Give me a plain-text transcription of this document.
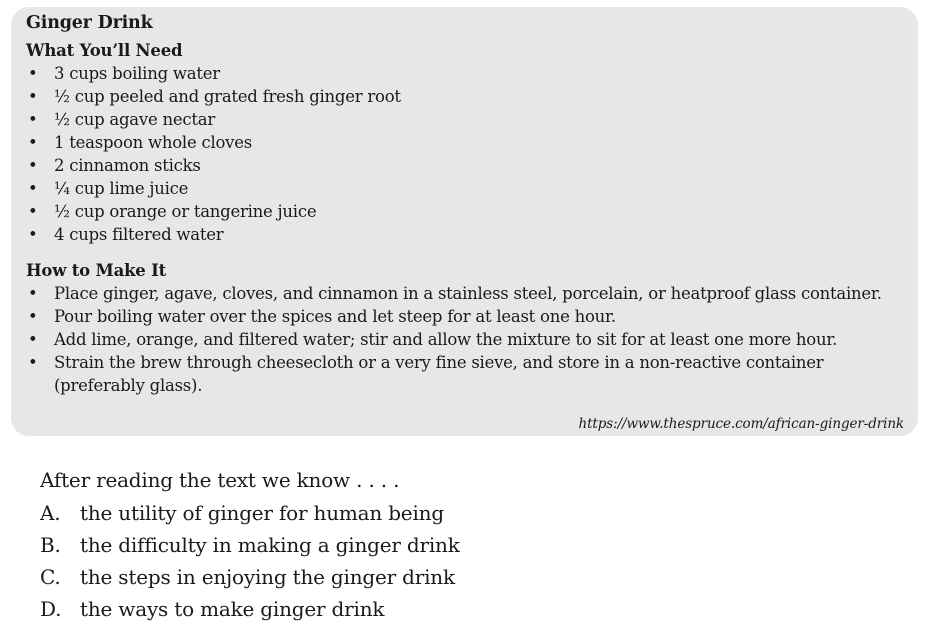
Ginger Drink
What You’ll Need
• 3 cups boiling water
• ½ cup peeled and grated fresh ginger root
• ½ cup agave nectar
• 1 teaspoon whole cloves
• 2 cinnamon sticks
• ¼ cup lime juice
• ½ cup orange or tangerine juice
• 4 cups filtered water
How to Make It
• Place ginger, agave, cloves, and cinnamon in a stainless steel, porcelain, or heatproof glass container.
• Pour boiling water over the spices and let steep for at least one hour.
• Add lime, orange, and filtered water; stir and allow the mixture to sit for at least one more hour.
• Strain the brew through cheesecloth or a very fine sieve, and store in a non-reactive container (preferably glass).
https://www.thespruce.com/african-ginger-drink
After reading the text we know . . . .
A. the utility of ginger for human being
B. the difficulty in making a ginger drink
C. the steps in enjoying the ginger drink
D. the ways to make ginger drink
